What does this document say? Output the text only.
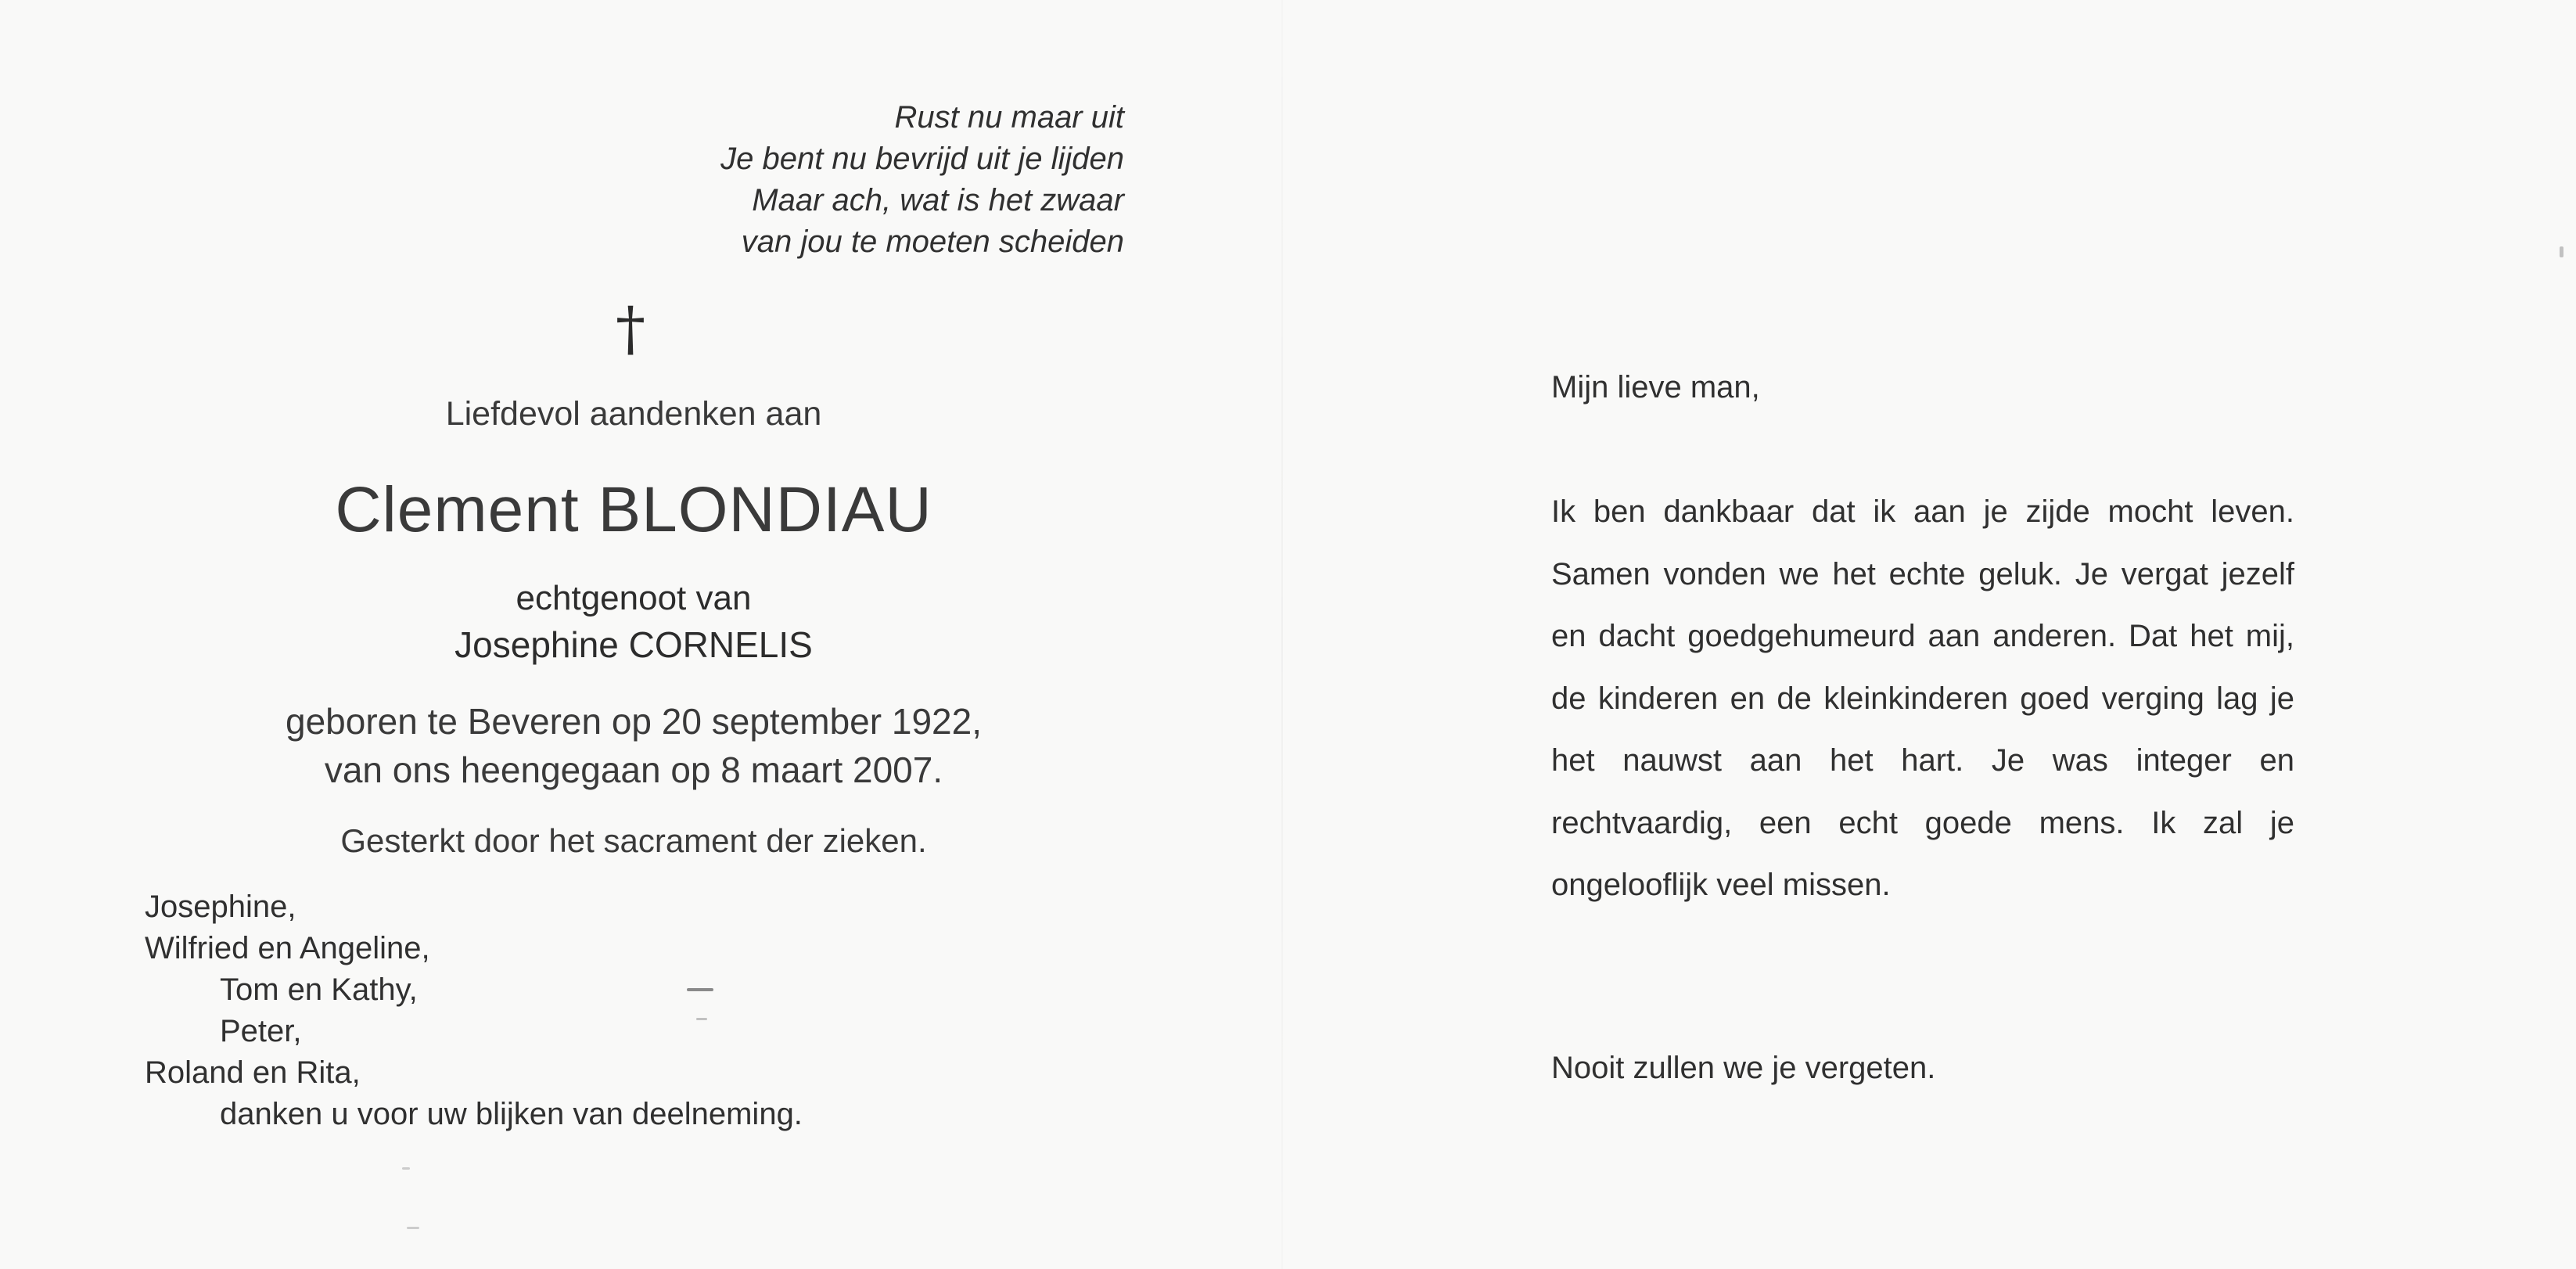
Rust nu maar uit
Je bent nu bevrijd uit je lijden
Maar ach, wat is het zwaar
van jou te moeten scheiden
†
Liefdevol aandenken aan
Clement BLONDIAU
echtgenoot van
Josephine CORNELIS
geboren te Beveren op 20 september 1922,
van ons heengegaan op 8 maart 2007.
Gesterkt door het sacrament der zieken.
Josephine,
Wilfried en Angeline,
Tom en Kathy,
Peter,
Roland en Rita,
danken u voor uw blijken van deelneming.
Mijn lieve man,
Ik ben dankbaar dat ik aan je zijde mocht leven. Samen vonden we het echte geluk. Je vergat jezelf en dacht goedgehumeurd aan anderen. Dat het mij, de kinderen en de kleinkinderen goed verging lag je het nauwst aan het hart. Je was integer en rechtvaardig, een echt goede mens. Ik zal je ongelooflijk veel missen.
Nooit zullen we je vergeten.
